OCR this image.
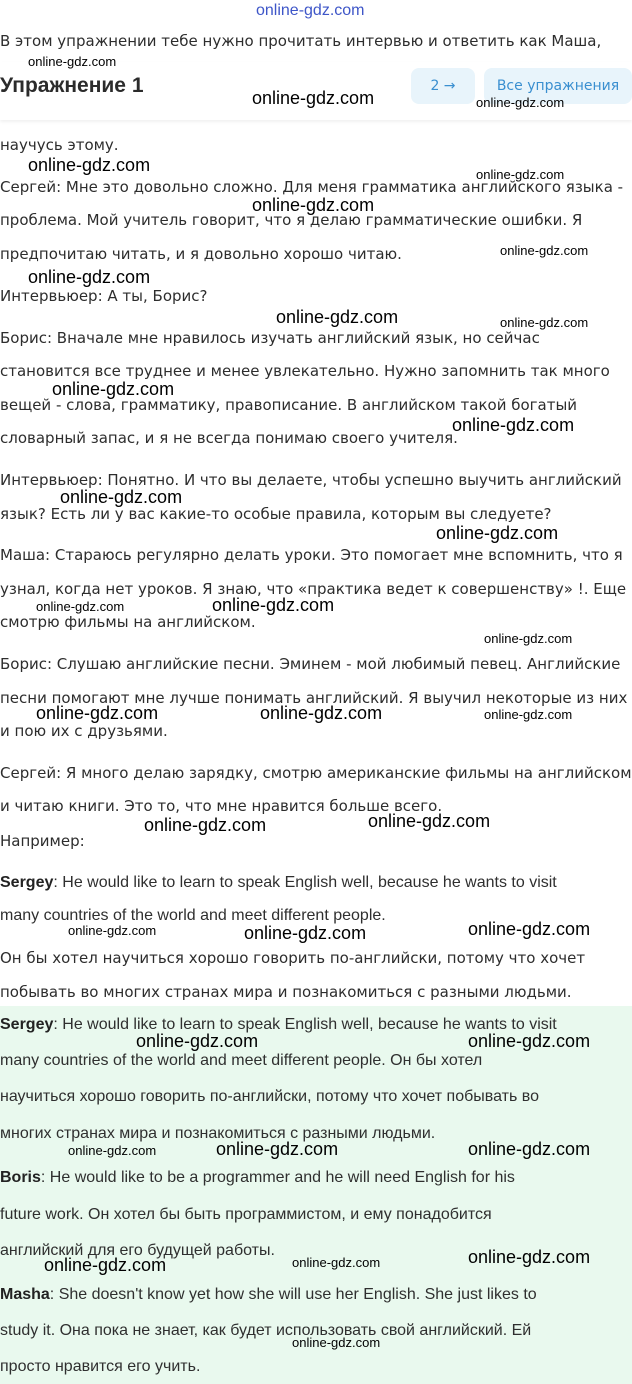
online-gdz.com
В этом упражнении тебе нужно прочитать интервью и ответить как Маша,
Упражнение 1	2 →	Все упражнения
научусь этому.
Сергей: Мне это довольно сложно. Для меня грамматика английского языка -
проблема. Мой учитель говорит, что я делаю грамматические ошибки. Я
предпочитаю читать, и я довольно хорошо читаю.
Интервьюер: А ты, Борис?
Борис: Вначале мне нравилось изучать английский язык, но сейчас
становится все труднее и менее увлекательно. Нужно запомнить так много
вещей - слова, грамматику, правописание. В английском такой богатый
словарный запас, и я не всегда понимаю своего учителя.
Интервьюер: Понятно. И что вы делаете, чтобы успешно выучить английский
язык? Есть ли у вас какие-то особые правила, которым вы следуете?
Маша: Стараюсь регулярно делать уроки. Это помогает мне вспомнить, что я
узнал, когда нет уроков. Я знаю, что «практика ведет к совершенству» !. Еще
смотрю фильмы на английском.
Борис: Слушаю английские песни. Эминем - мой любимый певец. Английские
песни помогают мне лучше понимать английский. Я выучил некоторые из них
и пою их с друзьями.
Сергей: Я много делаю зарядку, смотрю американские фильмы на английском
и читаю книги. Это то, что мне нравится больше всего.
Например:
Sergey: He would like to learn to speak English well, because he wants to visit
many countries of the world and meet different people.
Он бы хотел научиться хорошо говорить по-английски, потому что хочет
побывать во многих странах мира и познакомиться с разными людьми.
Sergey: He would like to learn to speak English well, because he wants to visit
many countries of the world and meet different people. Он бы хотел
научиться хорошо говорить по-английски, потому что хочет побывать во
многих странах мира и познакомиться с разными людьми.
Boris: He would like to be a programmer and he will need English for his
future work. Он хотел бы быть программистом, и ему понадобится
английский для его будущей работы.
Masha: She doesn't know yet how she will use her English. She just likes to
study it. Она пока не знает, как будет использовать свой английский. Ей
просто нравится его учить.
online-gdz.com
online-gdz.com	online-gdz.com
online-gdz.com	online-gdz.com
online-gdz.com
online-gdz.com
online-gdz.com
online-gdz.com	online-gdz.com
online-gdz.com
online-gdz.com
online-gdz.com
online-gdz.com
online-gdz.com	online-gdz.com
online-gdz.com
online-gdz.com	online-gdz.com	online-gdz.com
online-gdz.com	online-gdz.com
online-gdz.com	online-gdz.com	online-gdz.com
online-gdz.com	online-gdz.com
online-gdz.com	online-gdz.com	online-gdz.com
online-gdz.com	online-gdz.com	online-gdz.com
online-gdz.com
